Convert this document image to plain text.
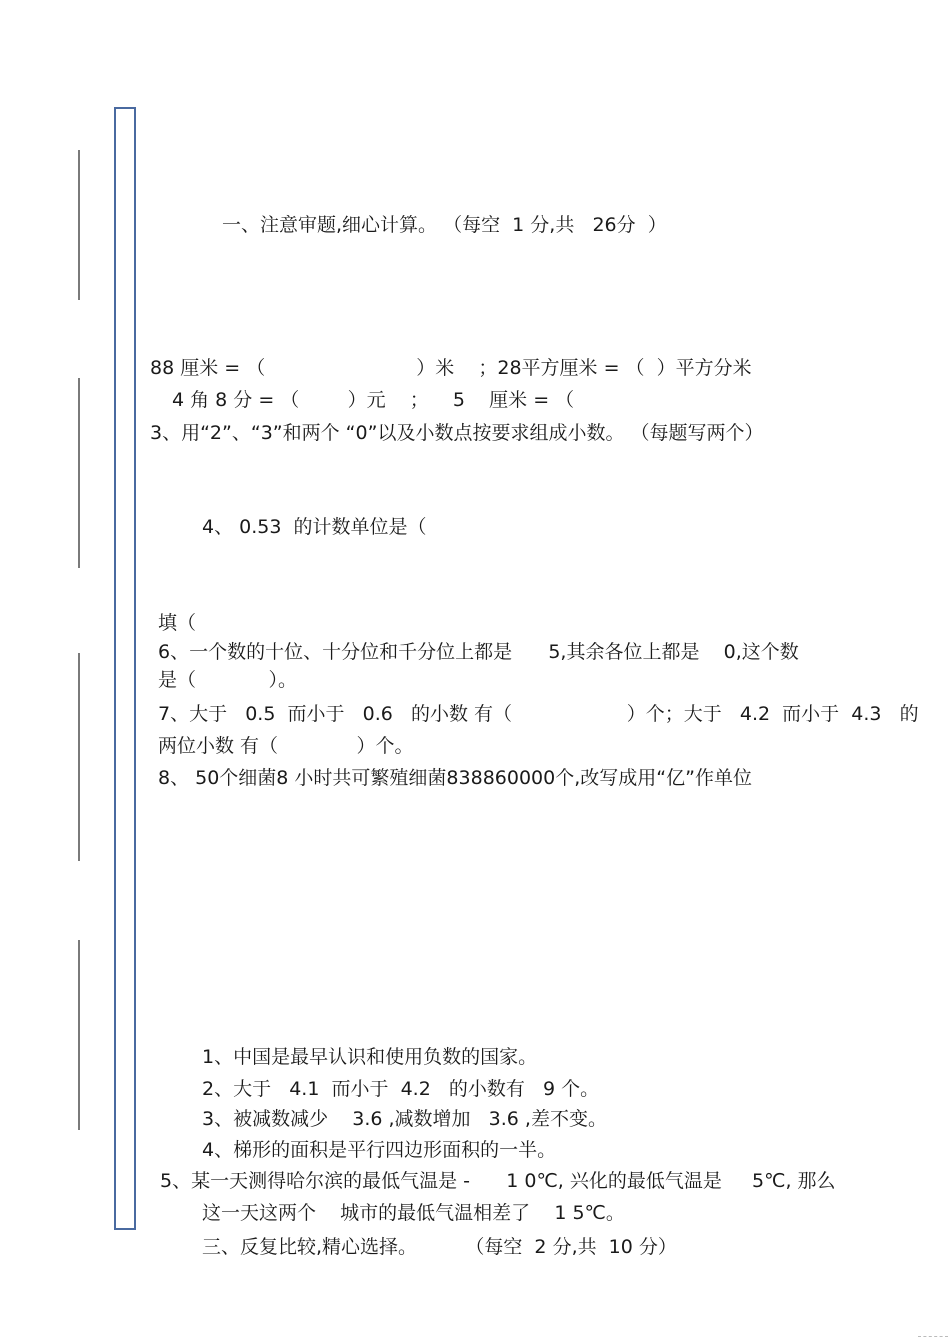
一、注意审题,细心计算。 （每空  1 分,共   26分  ）
88 厘米 = （                         ）米    ；28平方厘米 = （  ）平方分米
4 角 8 分 = （        ）元    ；    5    厘米 = （
3、用“2”、“3”和两个 “0”以及小数点按要求组成小数。 （每题写两个）
4、 0.53  的计数单位是（
填（
6、一个数的十位、十分位和千分位上都是      5,其余各位上都是    0,这个数
是（            ）。
7、大于   0.5  而小于   0.6   的小数 有（                   ）个；大于   4.2  而小于  4.3   的
两位小数 有（             ）个。
8、 50个细菌8 小时共可繁殖细菌838860000个,改写成用“亿”作单位
1、中国是最早认识和使用负数的国家。
2、大于   4.1  而小于  4.2   的小数有   9 个。
3、被减数减少    3.6 ,减数增加   3.6 ,差不变。
4、梯形的面积是平行四边形面积的一半。
5、某一天测得哈尔滨的最低气温是 -      1 0℃, 兴化的最低气温是     5℃, 那么
这一天这两个    城市的最低气温相差了    1 5℃。
三、反复比较,精心选择。        （每空  2 分,共  10 分）
